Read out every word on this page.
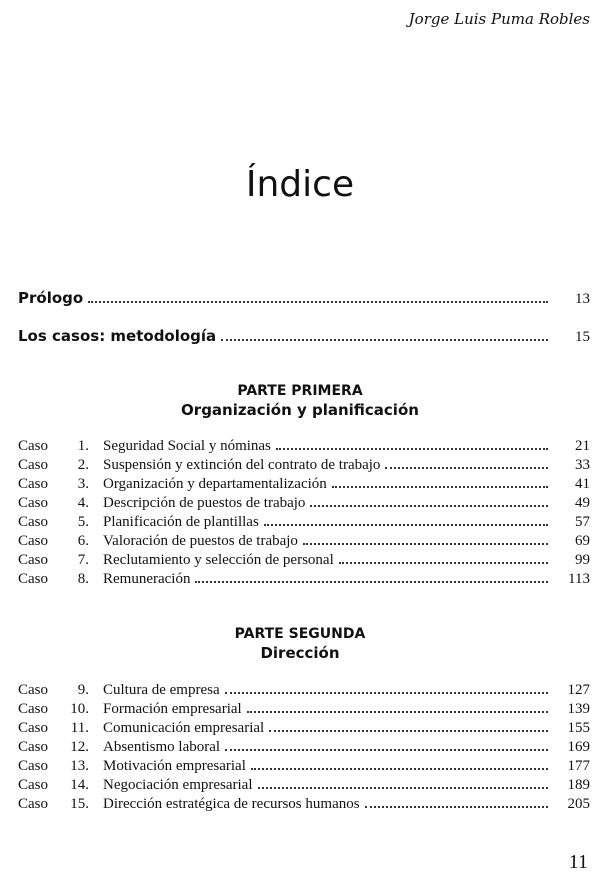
Jorge Luis Puma Robles
Índice
Prólogo	13
Los casos: metodología	15
PARTE PRIMERA
Organización y planificación
Caso	1. Seguridad Social y nóminas	21
Caso	2. Suspensión y extinción del contrato de trabajo	33
Caso	3. Organización y departamentalización	41
Caso	4. Descripción de puestos de trabajo	49
Caso	5. Planificación de plantillas	57
Caso	6. Valoración de puestos de trabajo	69
Caso	7. Reclutamiento y selección de personal	99
Caso	8. Remuneración	113
PARTE SEGUNDA
Dirección
Caso	9. Cultura de empresa	127
Caso	10. Formación empresarial	139
Caso	11. Comunicación empresarial	155
Caso	12. Absentismo laboral	169
Caso	13. Motivación empresarial	177
Caso	14. Negociación empresarial	189
Caso	15. Dirección estratégica de recursos humanos	205
11
